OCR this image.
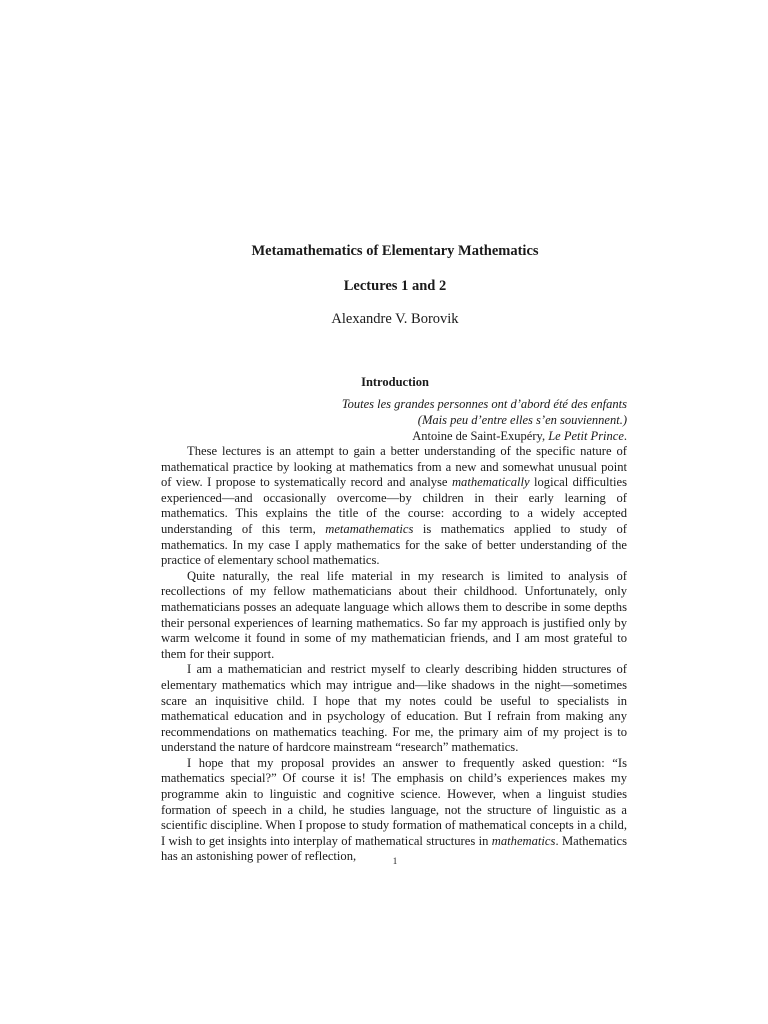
Metamathematics of Elementary Mathematics
Lectures 1 and 2
Alexandre V. Borovik
Introduction
Toutes les grandes personnes ont d’abord été des enfants
(Mais peu d’entre elles s’en souviennent.)
Antoine de Saint-Exupéry, Le Petit Prince.

These lectures is an attempt to gain a better understanding of the specific nature of mathematical practice by looking at mathematics from a new and somewhat unusual point of view. I propose to systematically record and analyse mathematically logical difficulties experienced—and occasionally overcome—by children in their early learning of mathematics. This explains the title of the course: according to a widely accepted understanding of this term, metamathematics is mathematics applied to study of mathematics. In my case I apply mathematics for the sake of better understanding of the practice of elementary school mathematics.

Quite naturally, the real life material in my research is limited to analysis of recollections of my fellow mathematicians about their childhood. Unfortunately, only mathematicians posses an adequate language which allows them to describe in some depths their personal experiences of learning mathematics. So far my approach is justified only by warm welcome it found in some of my mathematician friends, and I am most grateful to them for their support.

I am a mathematician and restrict myself to clearly describing hidden structures of elementary mathematics which may intrigue and—like shadows in the night—sometimes scare an inquisitive child. I hope that my notes could be useful to specialists in mathematical education and in psychology of education. But I refrain from making any recommendations on mathematics teaching. For me, the primary aim of my project is to understand the nature of hardcore mainstream “research” mathematics.

I hope that my proposal provides an answer to frequently asked question: “Is mathematics special?” Of course it is! The emphasis on child’s experiences makes my programme akin to linguistic and cognitive science. However, when a linguist studies formation of speech in a child, he studies language, not the structure of linguistic as a scientific discipline. When I propose to study formation of mathematical concepts in a child, I wish to get insights into interplay of mathematical structures in mathematics. Mathematics has an astonishing power of reflection,	1
